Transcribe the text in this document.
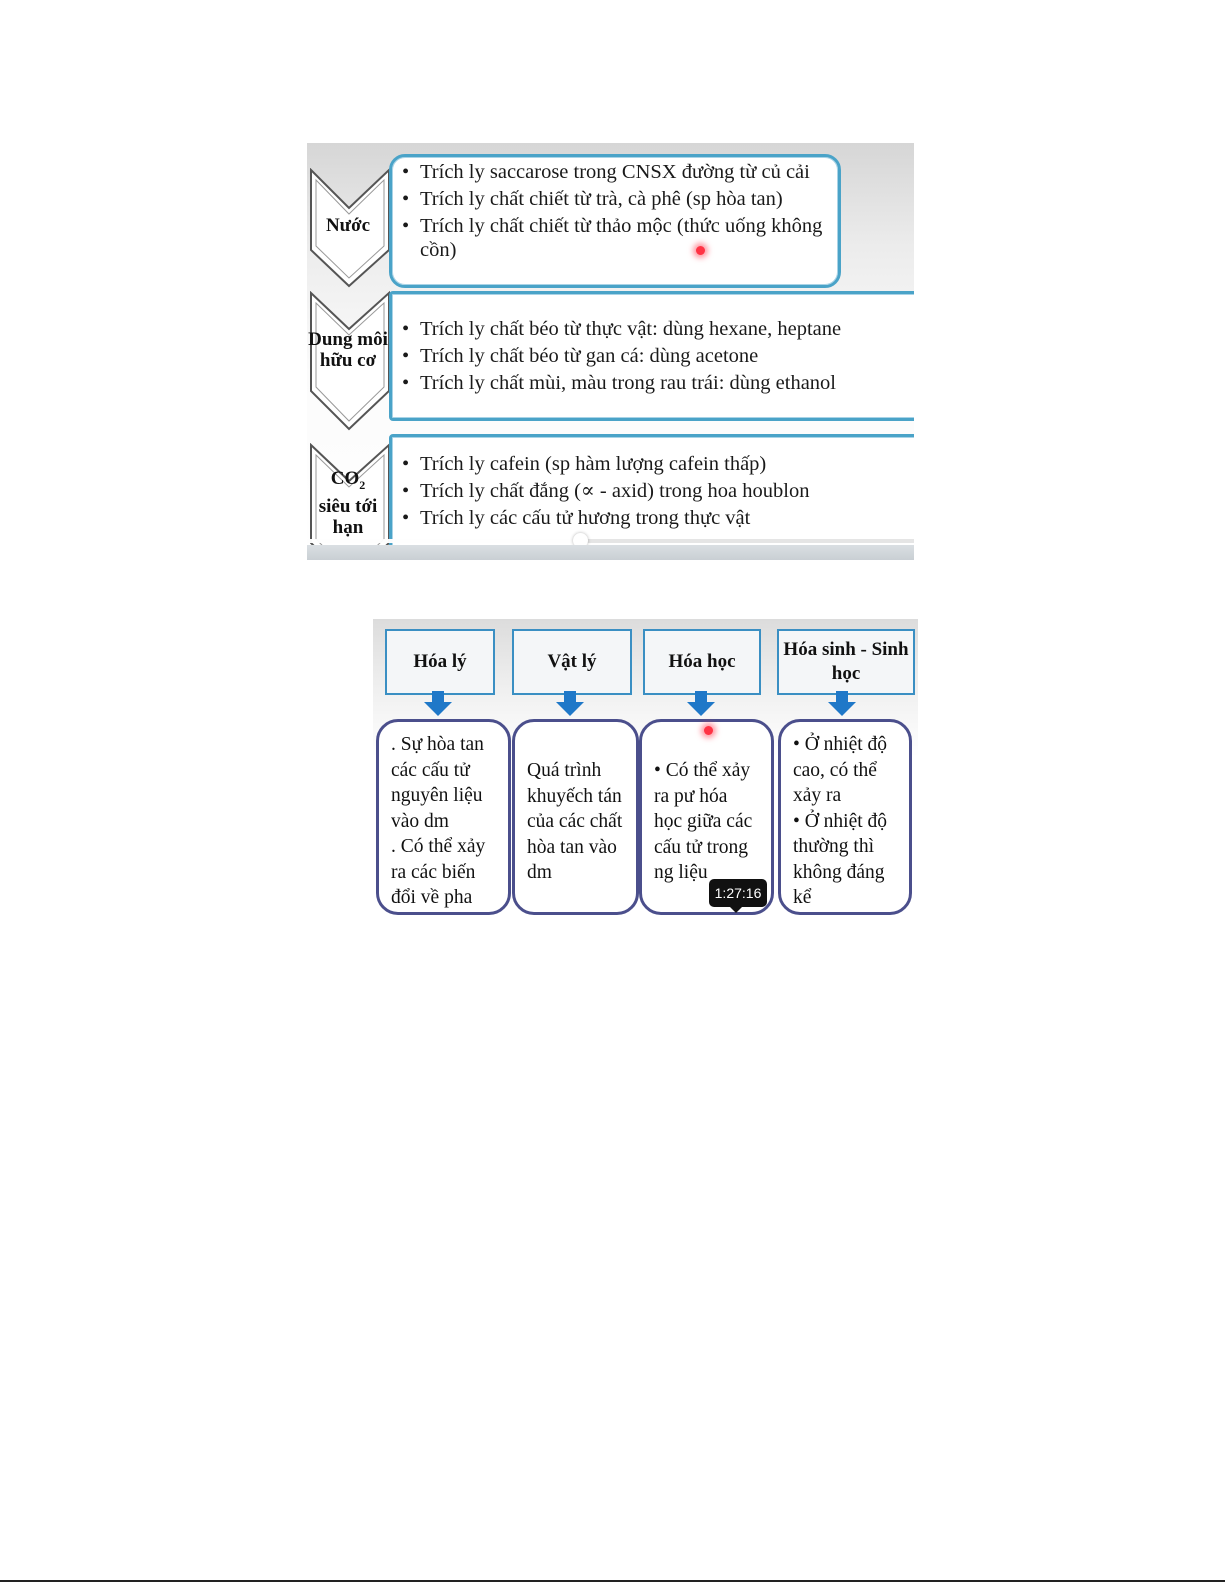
Nước
• Trích ly saccarose trong CNSX đường từ củ cải
• Trích ly chất chiết từ trà, cà phê (sp hòa tan)
• Trích ly chất chiết từ thảo mộc (thức uống không cồn)
Dung môi hữu cơ
• Trích ly chất béo từ thực vật: dùng hexane, heptane
• Trích ly chất béo từ gan cá: dùng acetone
• Trích ly chất mùi, màu trong rau trái: dùng ethanol
$CO_2$
siêu tới hạn
• Trích ly cafein (sp hàm lượng cafein thấp)
• Trích ly chất đắng (∝ - axid) trong hoa houblon
• Trích ly các cấu tử hương trong thực vật
Hóa lý	Vật lý	Hóa học
Hóa sinh - Sinh học
. Sự hòa tan
các cấu tử
nguyên liệu
vào dm
. Có thể xảy
ra các biến
đổi về pha
Quá trình
khuyếch tán
của các chất
hòa tan vào
dm
• Có thể xảy
ra pư hóa
học giữa các
cấu tử trong
ng liệu
• Ở nhiệt độ
cao, có thể
xảy ra
• Ở nhiệt độ
thường thì
không đáng
kể
1:27:16
